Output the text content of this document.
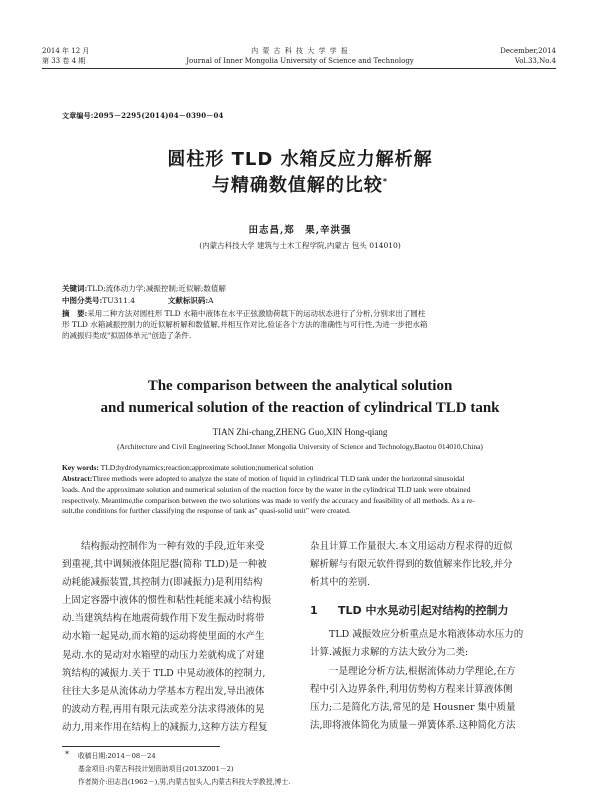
2014 年 12 月
第 33 卷 4 期
内 蒙 古 科 技 大 学 学 报
Journal of Inner Mongolia University of Science and Technology
December,2014
Vol.33,No.4
文章编号:2095－2295(2014)04－0390－04
圆柱形 TLD 水箱反应力解析解
与精确数值解的比较*
田志昌,郑　果,辛洪强
(内蒙古科技大学 建筑与土木工程学院,内蒙古 包头 014010)
关键词:TLD;流体动力学;减振控制;近似解;数值解
中图分类号:TU311.4	文献标识码:A
摘　要:采用二种方法对圆柱形 TLD 水箱中液体在水平正弦激励荷载下的运动状态进行了分析,分别求出了圆柱
形 TLD 水箱减振控制力的近似解析解和数值解,并相互作对比,验证各个方法的准确性与可行性,为进一步把水箱
的减振归类成"拟固体单元"创造了条件.
The comparison between the analytical solution
and numerical solution of the reaction of cylindrical TLD tank
TIAN Zhi-chang,ZHENG Guo,XIN Hong-qiang
(Architecture and Civil Engineering School,Inner Mongolia University of Science and Technology,Baotou 014010,China)
Key words: TLD;hydrodynamics;reaction;approximate solution;numerical solution
Abstract:Three methods were adopted to analyze the state of motion of liquid in cylindrical TLD tank under the horizontal sinusoidal
loads. And the approximate solution and numerical solution of the reaction force by the water in the cylindrical TLD tank were obtained
respectively. Meantime,the comparison between the two solutions was made to verify the accuracy and feasibility of all methods. As a re-
sult,the conditions for further classifying the response of tank as" quasi-solid unit" were created.
结构振动控制作为一种有效的手段,近年来受
到重视,其中调频液体阻尼器(简称 TLD)是一种被
动耗能减振装置,其控制力(即减振力)是利用结构
上固定容器中液体的惯性和粘性耗能来减小结构振
动.当建筑结构在地震荷载作用下发生振动时将带
动水箱一起晃动,而水箱的运动将使里面的水产生
晃动.水的晃动对水箱壁的动压力差就构成了对建
筑结构的减振力.关于 TLD 中晃动液体的控制力,
往往大多是从流体动力学基本方程出发,导出液体
的波动方程,再用有限元法或差分法求得液体的晃
动力,用来作用在结构上的减振力,这种方法方程复
杂且计算工作量很大.本文用运动方程求得的近似
解析解与有限元软件得到的数值解来作比较,并分
析其中的差别.
1 TLD 中水晃动引起对结构的控制力
TLD 减振效应分析重点是水箱液体动水压力的
计算.减振力求解的方法大致分为二类:
一是理论分析方法,根据流体动力学理论,在方
程中引入边界条件,利用仿势构方程来计算液体侧
压力;二是简化方法,常见的是 Housner 集中质量
法,即将液体简化为质量－弹簧体系.这种简化方法
* 收稿日期:2014－08－24
基金项目:内蒙古科技计划资助项目(2013Z001－2)
作者简介:田志昌(1962－),男,内蒙古包头人,内蒙古科技大学教授,博士.
